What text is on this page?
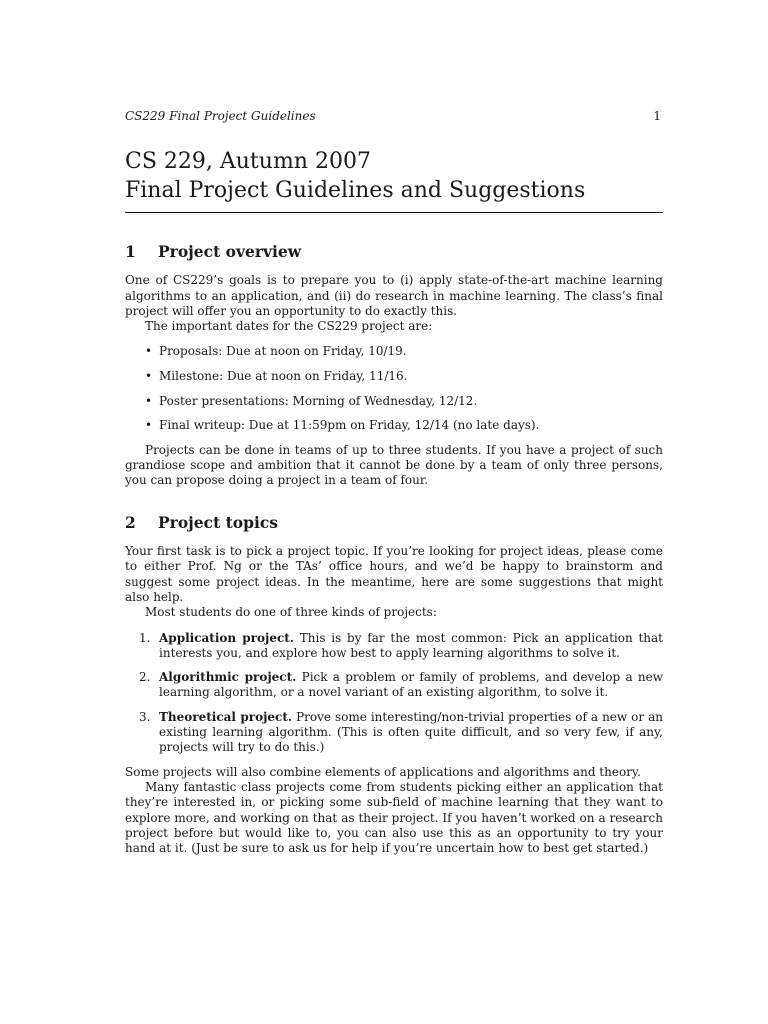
CS229 Final Project Guidelines	1
CS 229, Autumn 2007
Final Project Guidelines and Suggestions
1	Project overview

One of CS229’s goals is to prepare you to (i) apply state-of-the-art machine learning algorithms to an application, and (ii) do research in machine learning. The class’s final project will offer you an opportunity to do exactly this.

The important dates for the CS229 project are:

• Proposals: Due at noon on Friday, 10/19.
• Milestone: Due at noon on Friday, 11/16.
• Poster presentations: Morning of Wednesday, 12/12.
• Final writeup: Due at 11:59pm on Friday, 12/14 (no late days).

Projects can be done in teams of up to three students. If you have a project of such grandiose scope and ambition that it cannot be done by a team of only three persons, you can propose doing a project in a team of four.

2	Project topics

Your first task is to pick a project topic. If you’re looking for project ideas, please come to either Prof. Ng or the TAs’ office hours, and we’d be happy to brainstorm and suggest some project ideas. In the meantime, here are some suggestions that might also help.

Most students do one of three kinds of projects:

1. Application project. This is by far the most common: Pick an application that interests you, and explore how best to apply learning algorithms to solve it.
2. Algorithmic project. Pick a problem or family of problems, and develop a new learning algorithm, or a novel variant of an existing algorithm, to solve it.
3. Theoretical project. Prove some interesting/non-trivial properties of a new or an existing learning algorithm. (This is often quite difficult, and so very few, if any, projects will try to do this.)

Some projects will also combine elements of applications and algorithms and theory.

Many fantastic class projects come from students picking either an application that they’re interested in, or picking some sub-field of machine learning that they want to explore more, and working on that as their project. If you haven’t worked on a research project before but would like to, you can also use this as an opportunity to try your hand at it. (Just be sure to ask us for help if you’re uncertain how to best get started.)
